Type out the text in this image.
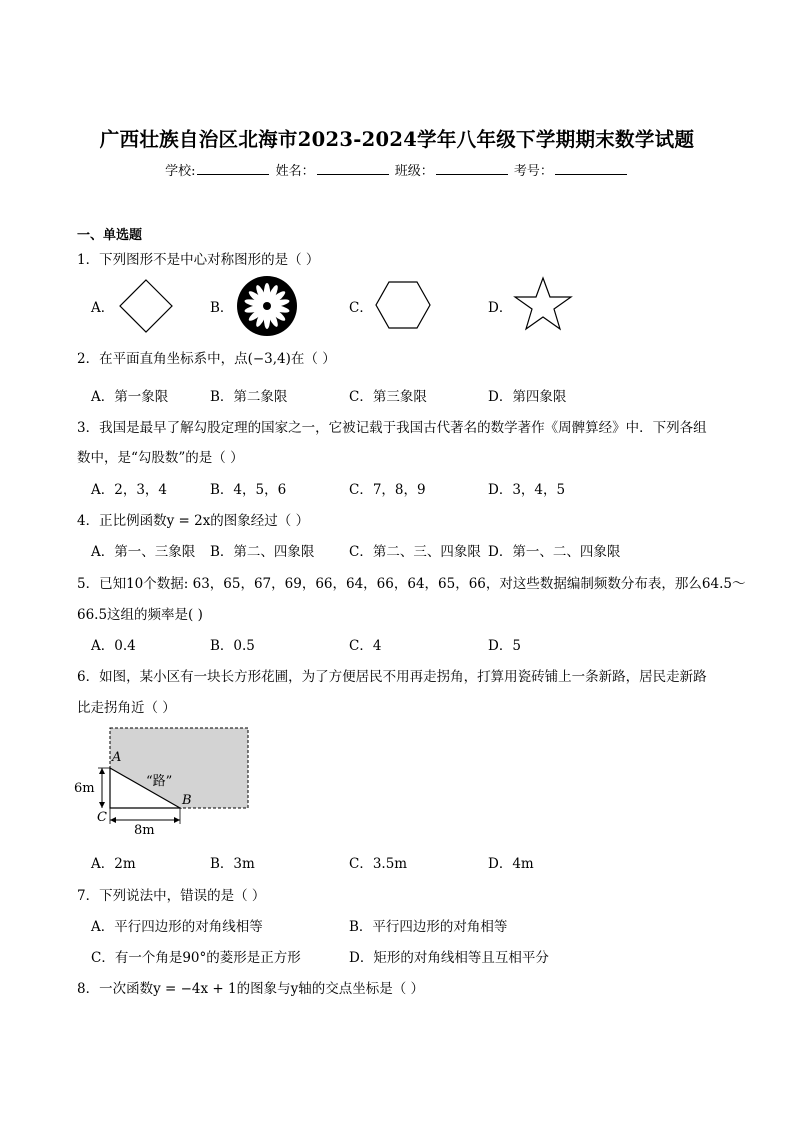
广西壮族自治区北海市2023-2024学年八年级下学期期末数学试题
学校:	姓名：	班级：	考号：
一、单选题
1．下列图形不是中心对称图形的是（ ）
A．	B．	C．	D．
2．在平面直角坐标系中，点(−3,4)在（ ）
A．第一象限	B．第二象限	C．第三象限	D．第四象限
3．我国是最早了解勾股定理的国家之一，它被记载于我国古代著名的数学著作《周髀算经》中．下列各组
数中，是“勾股数”的是（ ）
A．2，3，4	B．4，5，6	C．7，8，9	D．3，4，5
4．正比例函数y = 2x的图象经过（ ）
A．第一、三象限 B．第二、四象限	C．第二、三、四象限 D．第一、二、四象限
5．已知10个数据: 63，65，67，69，66，64，66，64，65，66，对这些数据编制频数分布表，那么64.5～
66.5这组的频率是( )
A．0.4	B．0.5	C．4	D．5
6．如图，某小区有一块长方形花圃，为了方便居民不用再走拐角，打算用瓷砖铺上一条新路，居民走新路
比走拐角近（ ）
A
B
C
“路”
6m
8m
A．2m	B．3m	C．3.5m	D．4m
7．下列说法中，错误的是（ ）
A．平行四边形的对角线相等	B．平行四边形的对角相等
C．有一个角是90°的菱形是正方形	D．矩形的对角线相等且互相平分
8．一次函数y = −4x + 1的图象与y轴的交点坐标是（ ）
